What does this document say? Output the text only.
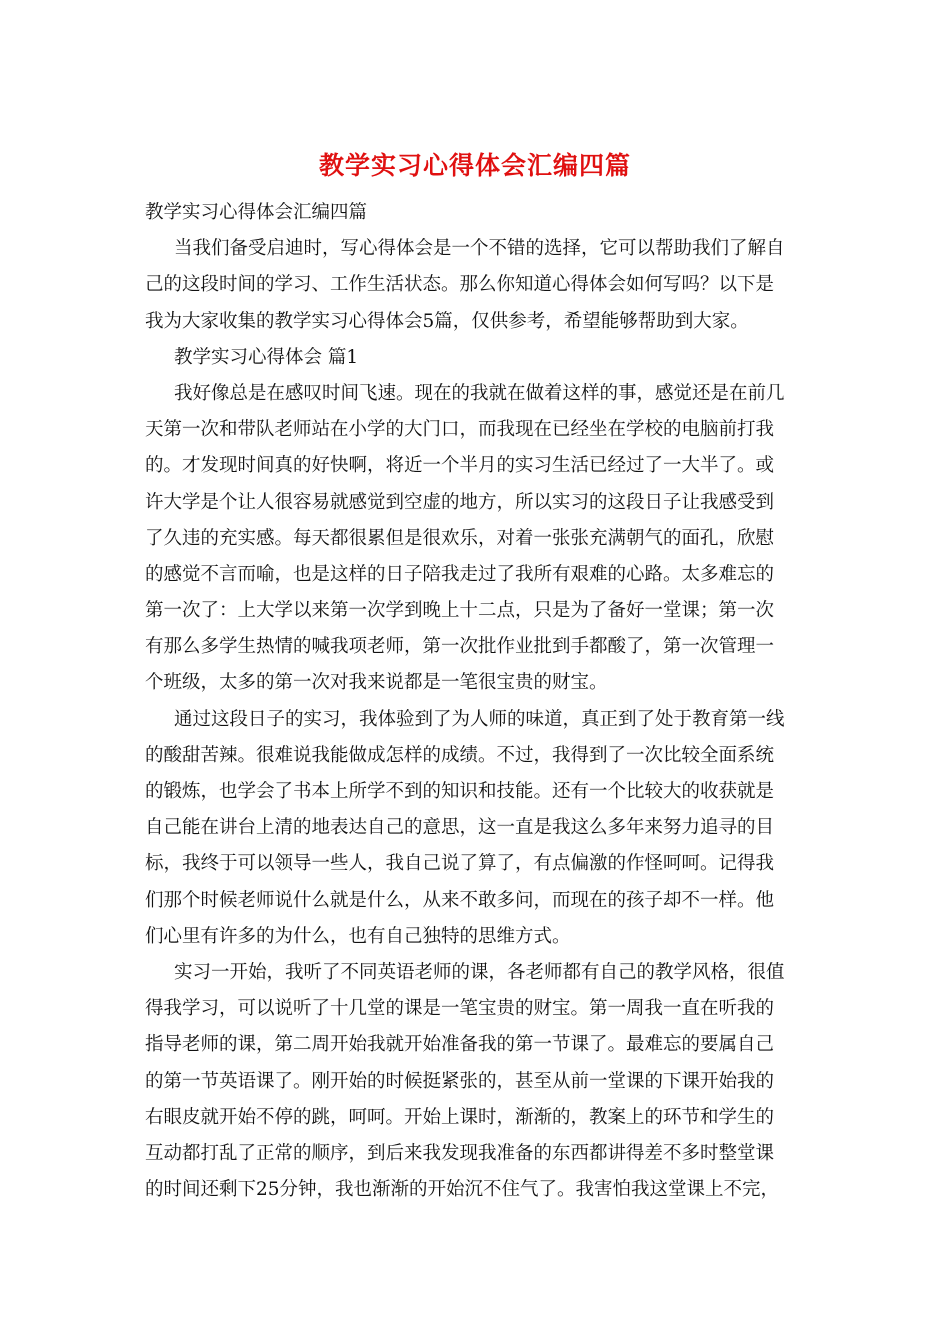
教学实习心得体会汇编四篇
教学实习心得体会汇编四篇
当我们备受启迪时，写心得体会是一个不错的选择，它可以帮助我们了解自
己的这段时间的学习、工作生活状态。那么你知道心得体会如何写吗？以下是
我为大家收集的教学实习心得体会5篇，仅供参考，希望能够帮助到大家。
教学实习心得体会 篇1
我好像总是在感叹时间飞速。现在的我就在做着这样的事，感觉还是在前几
天第一次和带队老师站在小学的大门口，而我现在已经坐在学校的电脑前打我
的。才发现时间真的好快啊，将近一个半月的实习生活已经过了一大半了。或
许大学是个让人很容易就感觉到空虚的地方，所以实习的这段日子让我感受到
了久违的充实感。每天都很累但是很欢乐，对着一张张充满朝气的面孔，欣慰
的感觉不言而喻，也是这样的日子陪我走过了我所有艰难的心路。太多难忘的
第一次了：上大学以来第一次学到晚上十二点，只是为了备好一堂课；第一次
有那么多学生热情的喊我项老师，第一次批作业批到手都酸了，第一次管理一
个班级，太多的第一次对我来说都是一笔很宝贵的财宝。
通过这段日子的实习，我体验到了为人师的味道，真正到了处于教育第一线
的酸甜苦辣。很难说我能做成怎样的成绩。不过，我得到了一次比较全面系统
的锻炼，也学会了书本上所学不到的知识和技能。还有一个比较大的收获就是
自己能在讲台上清的地表达自己的意思，这一直是我这么多年来努力追寻的目
标，我终于可以领导一些人，我自己说了算了，有点偏激的作怪呵呵。记得我
们那个时候老师说什么就是什么，从来不敢多问，而现在的孩子却不一样。他
们心里有许多的为什么，也有自己独特的思维方式。
实习一开始，我听了不同英语老师的课，各老师都有自己的教学风格，很值
得我学习，可以说听了十几堂的课是一笔宝贵的财宝。第一周我一直在听我的
指导老师的课，第二周开始我就开始准备我的第一节课了。最难忘的要属自己
的第一节英语课了。刚开始的时候挺紧张的，甚至从前一堂课的下课开始我的
右眼皮就开始不停的跳，呵呵。开始上课时，渐渐的，教案上的环节和学生的
互动都打乱了正常的顺序，到后来我发现我准备的东西都讲得差不多时整堂课
的时间还剩下25分钟，我也渐渐的开始沉不住气了。我害怕我这堂课上不完，
